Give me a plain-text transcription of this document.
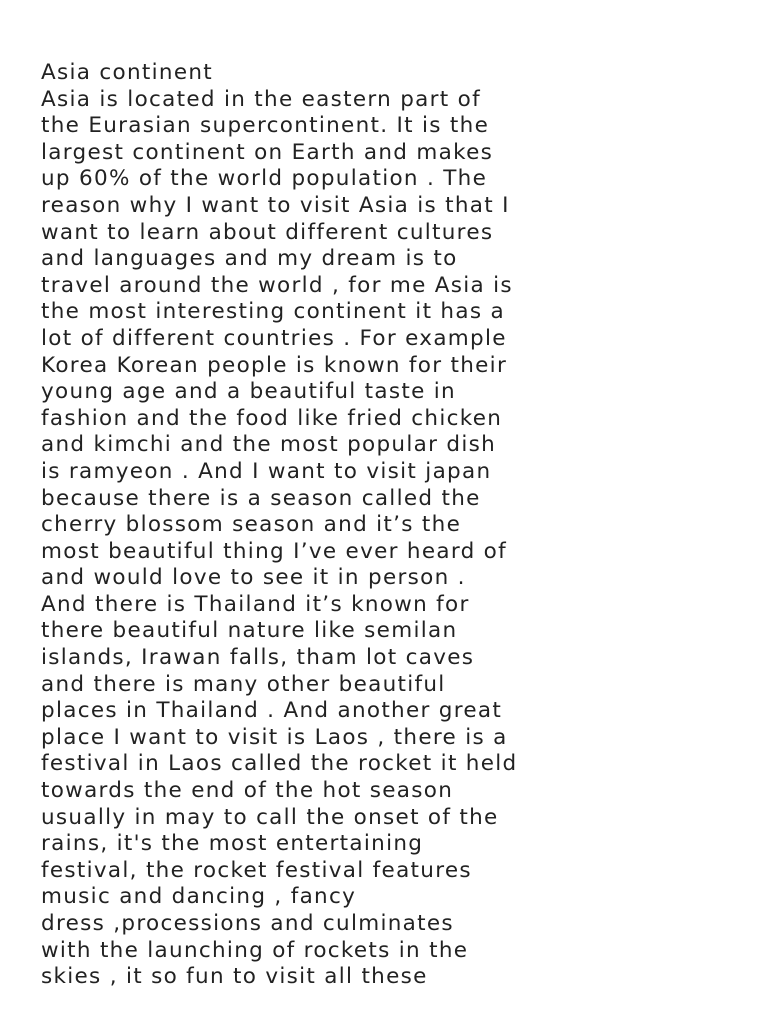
Asia continent
Asia is located in the eastern part of
the Eurasian supercontinent. It is the
largest continent on Earth and makes
up 60% of the world population . The
reason why I want to visit Asia is that I
want to learn about different cultures
and languages and my dream is to
travel around the world , for me Asia is
the most interesting continent it has a
lot of different countries . For example
Korea Korean people is known for their
young age and a beautiful taste in
fashion and the food like fried chicken
and kimchi and the most popular dish
is ramyeon . And I want to visit japan
because there is a season called the
cherry blossom season and it’s the
most beautiful thing I’ve ever heard of
and would love to see it in person .
And there is Thailand it’s known for
there beautiful nature like semilan
islands, Irawan falls, tham lot caves
and there is many other beautiful
places in Thailand . And another great
place I want to visit is Laos , there is a
festival in Laos called the rocket it held
towards the end of the hot season
usually in may to call the onset of the
rains, it's the most entertaining
festival, the rocket festival features
music and dancing , fancy
dress ,processions and culminates
with the launching of rockets in the
skies , it so fun to visit all these
